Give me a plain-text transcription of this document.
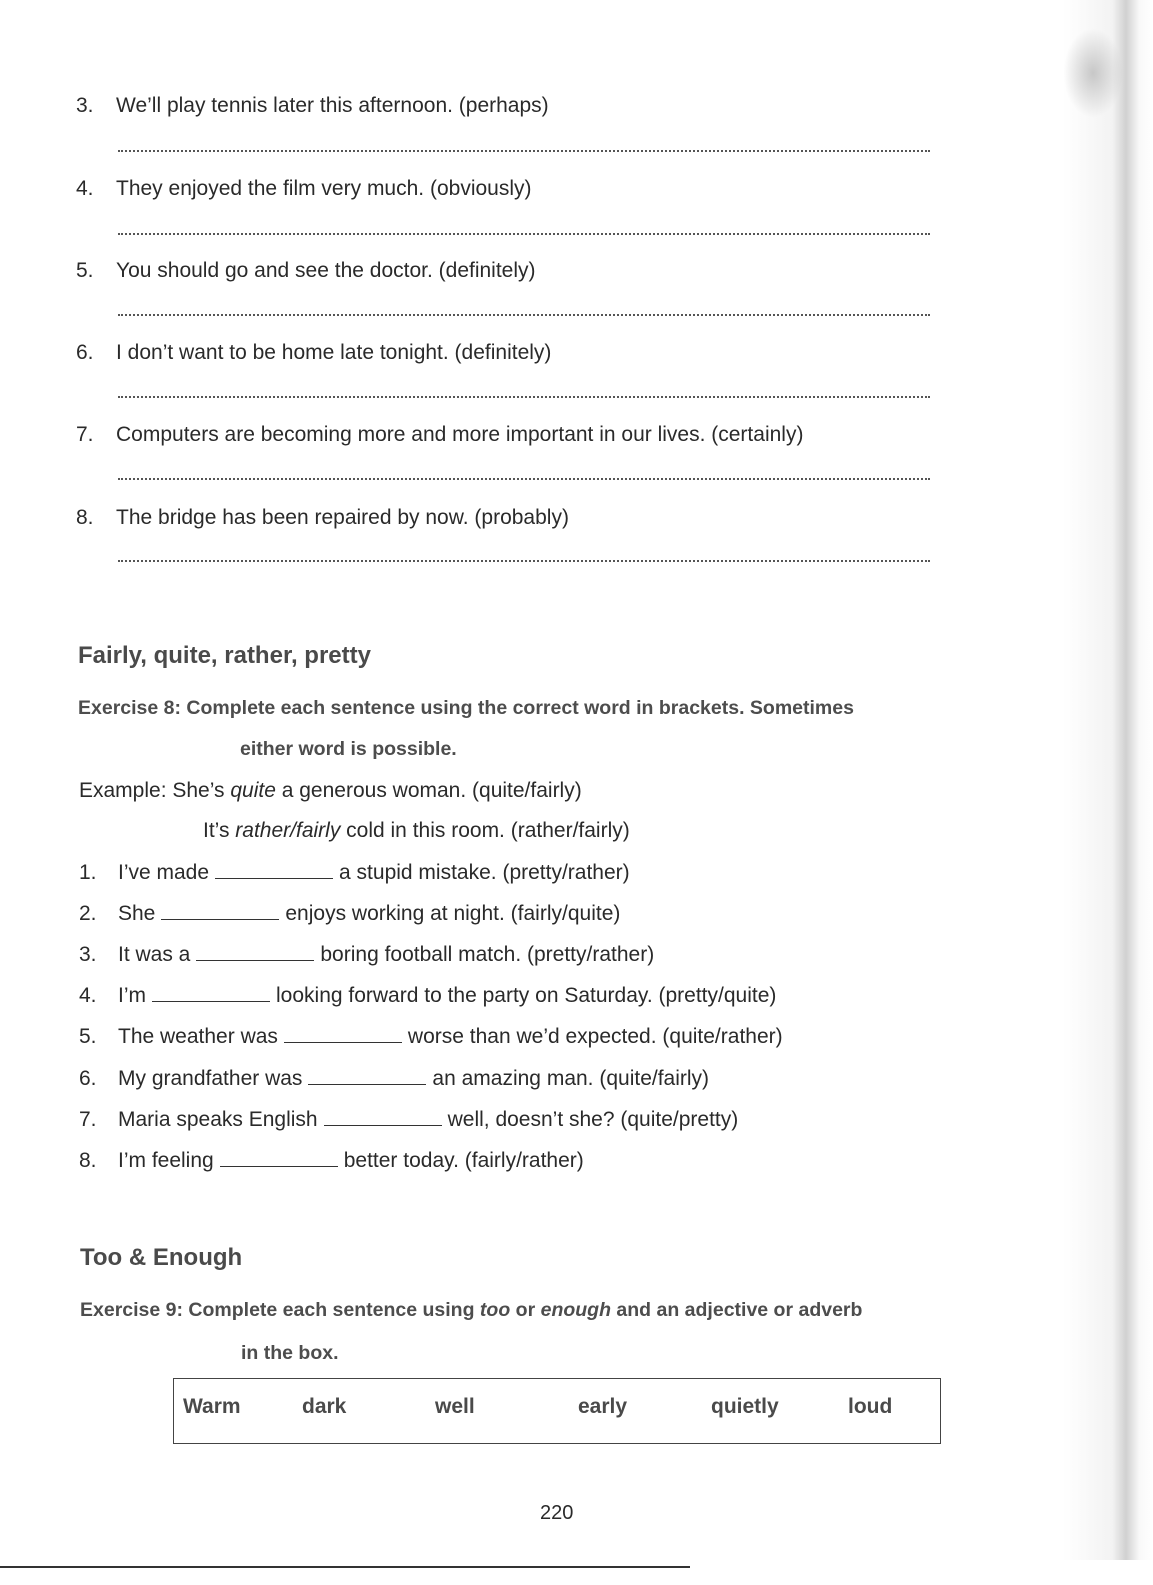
3. We’ll play tennis later this afternoon. (perhaps)
4. They enjoyed the film very much. (obviously)
5. You should go and see the doctor. (definitely)
6. I don’t want to be home late tonight. (definitely)
7. Computers are becoming more and more important in our lives. (certainly)
8. The bridge has been repaired by now. (probably)
Fairly, quite, rather, pretty
Exercise 8: Complete each sentence using the correct word in brackets. Sometimes
either word is possible.
Example: She’s quite a generous woman. (quite/fairly)
It’s rather/fairly cold in this room. (rather/fairly)
1. I’ve made	a stupid mistake. (pretty/rather)
2. She	enjoys working at night. (fairly/quite)
3. It was a	boring football match. (pretty/rather)
4. I’m	looking forward to the party on Saturday. (pretty/quite)
5. The weather was	worse than we’d expected. (quite/rather)
6. My grandfather was	an amazing man. (quite/fairly)
7. Maria speaks English	well, doesn’t she? (quite/pretty)
8. I’m feeling	better today. (fairly/rather)
Too & Enough
Exercise 9: Complete each sentence using too or enough and an adjective or adverb
in the box.
Warm	dark	well	early	quietly	loud
220
